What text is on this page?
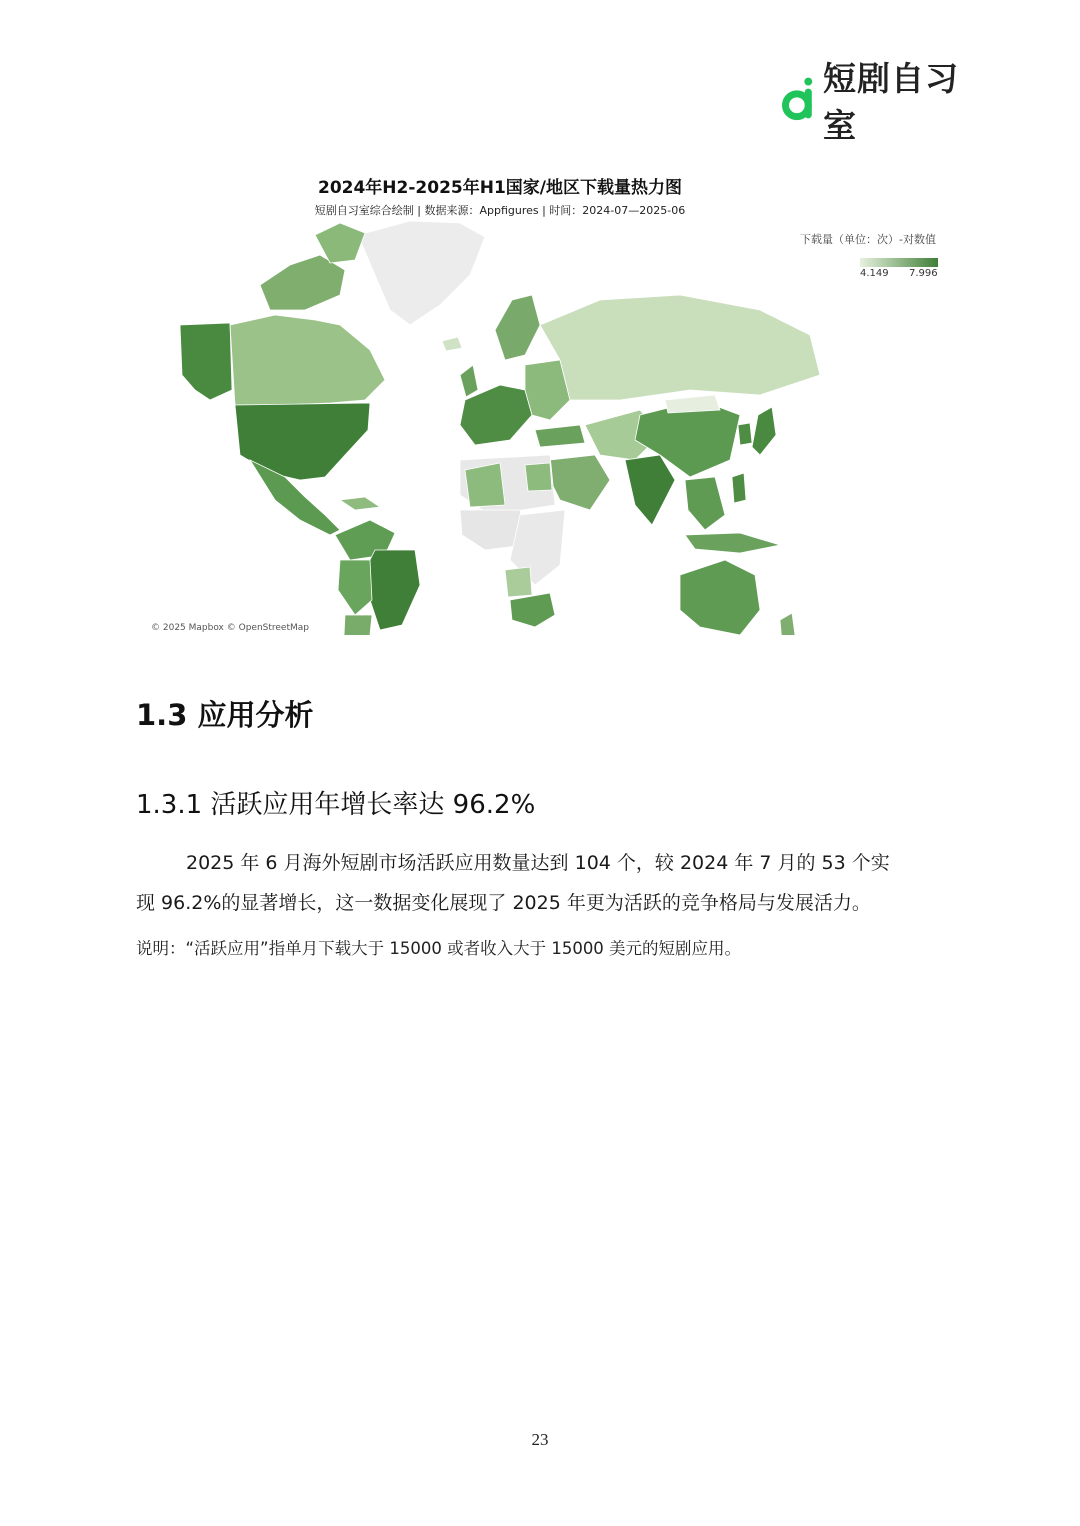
短剧自习室
2024年H2-2025年H1国家/地区下载量热力图
短剧自习室综合绘制 | 数据来源：Appfigures | 时间：2024-07—2025-06
下载量（单位：次）-对数值
4.149 7.996
© 2025 Mapbox © OpenStreetMap
1.3 应用分析
1.3.1 活跃应用年增长率达 96.2%
2025 年 6 月海外短剧市场活跃应用数量达到 104 个，较 2024 年 7 月的 53 个实
现 96.2%的显著增长，这一数据变化展现了 2025 年更为活跃的竞争格局与发展活力。
说明：“活跃应用”指单月下载大于 15000 或者收入大于 15000 美元的短剧应用。
23
